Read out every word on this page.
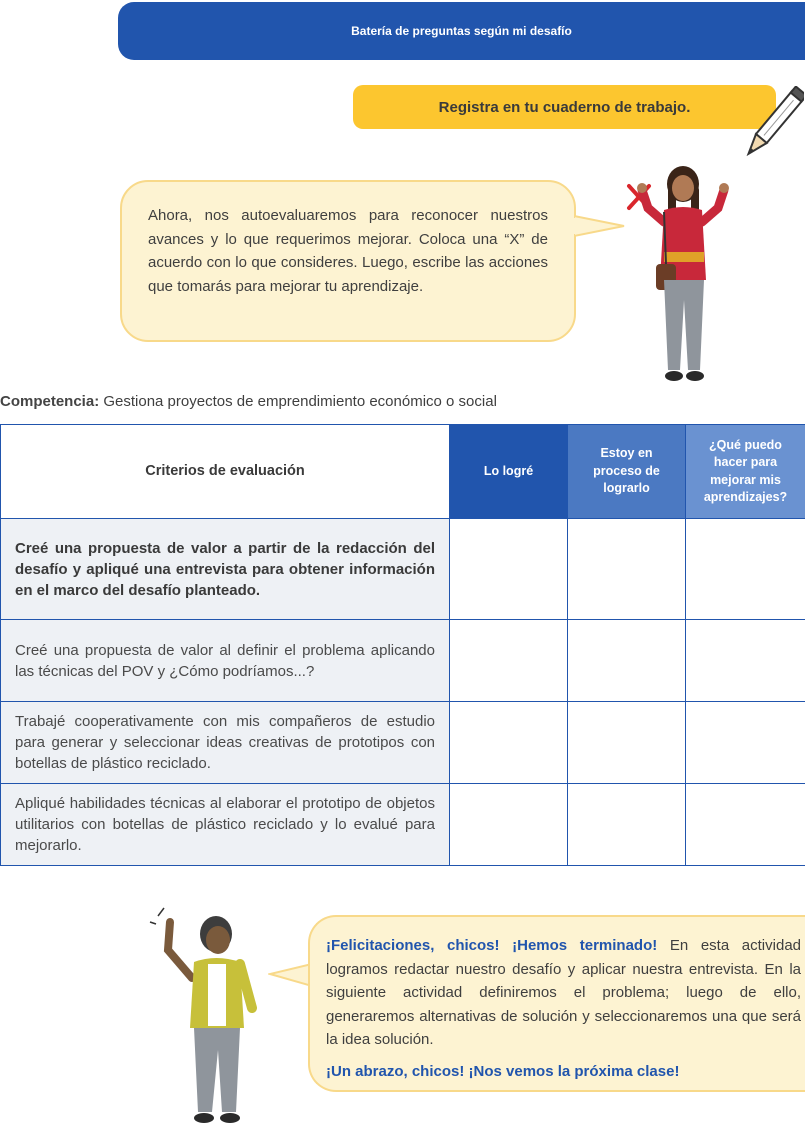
Batería de preguntas según mi desafío
Registra en tu cuaderno de trabajo.

Ahora, nos autoevaluaremos para reconocer nuestros avances y lo que requerimos mejorar. Coloca una “X” de acuerdo con lo que consideres. Luego, escribe las acciones que tomarás para mejorar tu aprendizaje.

Competencia: Gestiona proyectos de emprendimiento económico o social
Criterios de evaluación	Lo logré	Estoy en proceso de lograrlo	¿Qué puedo hacer para mejorar mis aprendizajes?
Creé una propuesta de valor a partir de la redacción del desafío y apliqué una entrevista para obtener información en el marco del desafío planteado.			
Creé una propuesta de valor al definir el problema aplicando las técnicas del POV y ¿Cómo podríamos...?			
Trabajé cooperativamente con mis compañeros de estudio para generar y seleccionar ideas creativas de prototipos con botellas de plástico reciclado.			
Apliqué habilidades técnicas al elaborar el prototipo de objetos utilitarios con botellas de plástico reciclado y lo evalué para mejorarlo.			

¡Felicitaciones, chicos! ¡Hemos terminado! En esta actividad logramos redactar nuestro desafío y aplicar nuestra entrevista. En la siguiente actividad definiremos el problema; luego de ello, generaremos alternativas de solución y seleccionaremos una que será la idea solución.

¡Un abrazo, chicos! ¡Nos vemos la próxima clase!
